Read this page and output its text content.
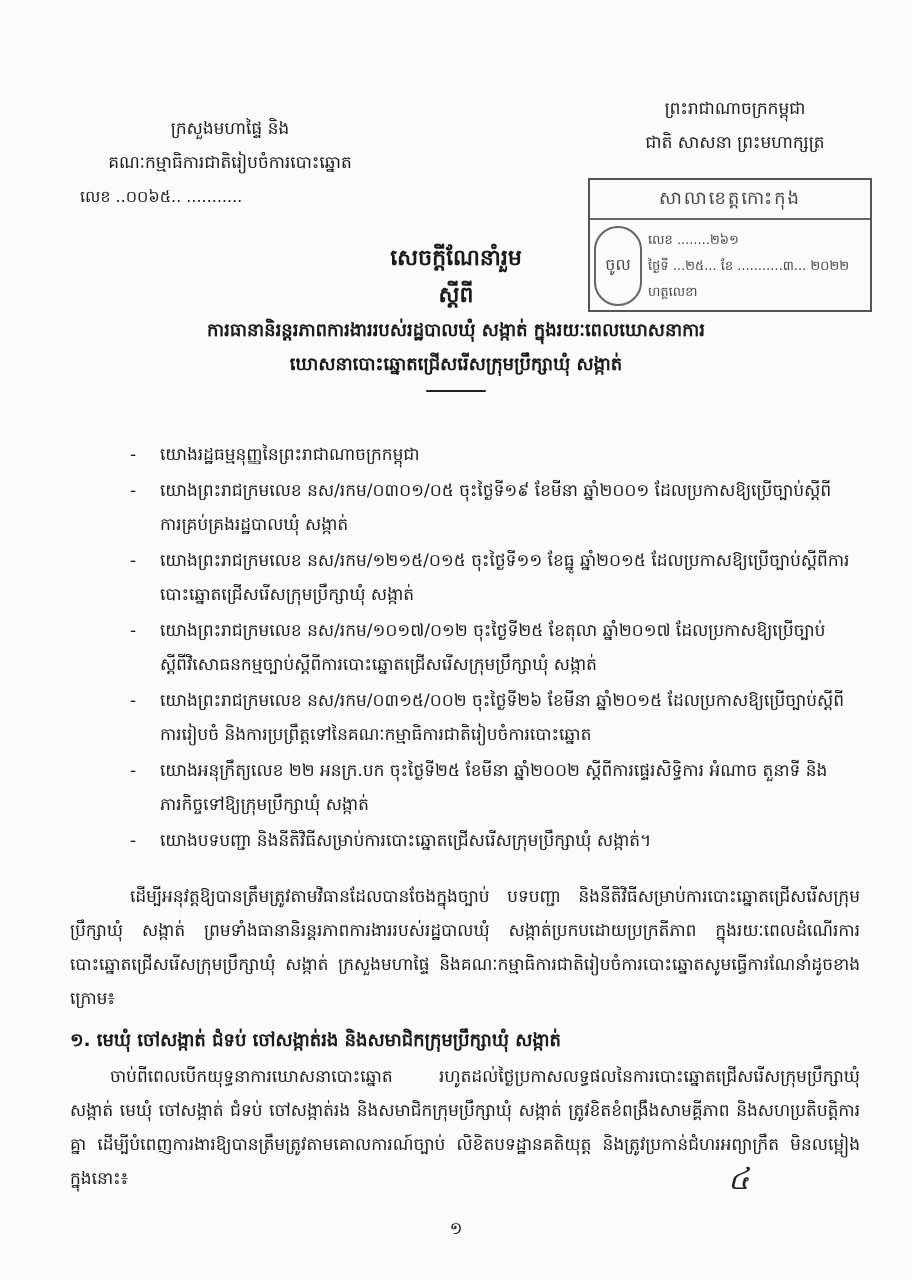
ក្រសួងមហាផ្ទៃ និង
គណៈកម្មាធិការជាតិរៀបចំការបោះឆ្នោត
លេខ ..០០៦៥.. ...........
ព្រះរាជាណាចក្រកម្ពុជា
ជាតិ សាសនា ព្រះមហាក្សត្រ
សាលាខេត្តកោះកុង
ចូល
លេខ ........២៦១
ថ្ងៃទី ...២៥... ខែ ...........៣... ២០២២
ហត្ថលេខា
សេចក្ដីណែនាំរួម
ស្ដីពី
ការធានានិរន្តរភាពការងាររបស់រដ្ឋបាលឃុំ សង្កាត់ ក្នុងរយៈពេលឃោសនាការ
ឃោសនាបោះឆ្នោតជ្រើសរើសក្រុមប្រឹក្សាឃុំ សង្កាត់
- យោងរដ្ឋធម្មនុញ្ញនៃព្រះរាជាណាចក្រកម្ពុជា
- យោងព្រះរាជក្រមលេខ នស/រកម/០៣០១/០៥ ចុះថ្ងៃទី១៩ ខែមីនា ឆ្នាំ២០០១ ដែលប្រកាសឱ្យប្រើច្បាប់ស្ដីពីការគ្រប់គ្រងរដ្ឋបាលឃុំ សង្កាត់
- យោងព្រះរាជក្រមលេខ នស/រកម/១២១៥/០១៥ ចុះថ្ងៃទី១១ ខែធ្នូ ឆ្នាំ២០១៥ ដែលប្រកាសឱ្យប្រើច្បាប់ស្ដីពីការបោះឆ្នោតជ្រើសរើសក្រុមប្រឹក្សាឃុំ សង្កាត់
- យោងព្រះរាជក្រមលេខ នស/រកម/១០១៧/០១២ ចុះថ្ងៃទី២៥ ខែតុលា ឆ្នាំ២០១៧ ដែលប្រកាសឱ្យប្រើច្បាប់ស្ដីពីវិសោធនកម្មច្បាប់ស្ដីពីការបោះឆ្នោតជ្រើសរើសក្រុមប្រឹក្សាឃុំ សង្កាត់
- យោងព្រះរាជក្រមលេខ នស/រកម/០៣១៥/០០២ ចុះថ្ងៃទី២៦ ខែមីនា ឆ្នាំ២០១៥ ដែលប្រកាសឱ្យប្រើច្បាប់ស្ដីពីការរៀបចំ និងការប្រព្រឹត្តទៅនៃគណៈកម្មាធិការជាតិរៀបចំការបោះឆ្នោត
- យោងអនុក្រឹត្យលេខ ២២ អនក្រ.បក ចុះថ្ងៃទី២៥ ខែមីនា ឆ្នាំ២០០២ ស្ដីពីការផ្ទេរសិទ្ធិការ អំណាច តួនាទី និងភារកិច្ចទៅឱ្យក្រុមប្រឹក្សាឃុំ សង្កាត់
- យោងបទបញ្ជា និងនីតិវិធីសម្រាប់ការបោះឆ្នោតជ្រើសរើសក្រុមប្រឹក្សាឃុំ សង្កាត់។
ដើម្បីអនុវត្តឱ្យបានត្រឹមត្រូវតាមវិធានដែលបានចែងក្នុងច្បាប់ បទបញ្ជា និងនីតិវិធីសម្រាប់ការបោះឆ្នោតជ្រើសរើសក្រុមប្រឹក្សាឃុំ សង្កាត់ ព្រមទាំងធានានិរន្តរភាពការងាររបស់រដ្ឋបាលឃុំ សង្កាត់ប្រកបដោយប្រក្រតីភាព ក្នុងរយៈពេលដំណើរការបោះឆ្នោតជ្រើសរើសក្រុមប្រឹក្សាឃុំ សង្កាត់ ក្រសួងមហាផ្ទៃ និងគណៈកម្មាធិការជាតិរៀបចំការបោះឆ្នោតសូមធ្វើការណែនាំដូចខាងក្រោម៖
១. មេឃុំ ចៅសង្កាត់ ជំទប់ ចៅសង្កាត់រង និងសមាជិកក្រុមប្រឹក្សាឃុំ សង្កាត់
ចាប់ពីពេលបើកយុទ្ធនាការឃោសនាបោះឆ្នោត រហូតដល់ថ្ងៃប្រកាសលទ្ធផលនៃការបោះឆ្នោតជ្រើសរើសក្រុមប្រឹក្សាឃុំ សង្កាត់ មេឃុំ ចៅសង្កាត់ ជំទប់ ចៅសង្កាត់រង និងសមាជិកក្រុមប្រឹក្សាឃុំ សង្កាត់ ត្រូវខិតខំពង្រឹងសាមគ្គីភាព និងសហប្រតិបត្តិការគ្នា ដើម្បីបំពេញការងារឱ្យបានត្រឹមត្រូវតាមគោលការណ៍ច្បាប់ លិខិតបទដ្ឋានគតិយុត្ត និងត្រូវប្រកាន់ជំហរអព្យាក្រឹត មិនលម្អៀង ក្នុងនោះ៖	៤
១
